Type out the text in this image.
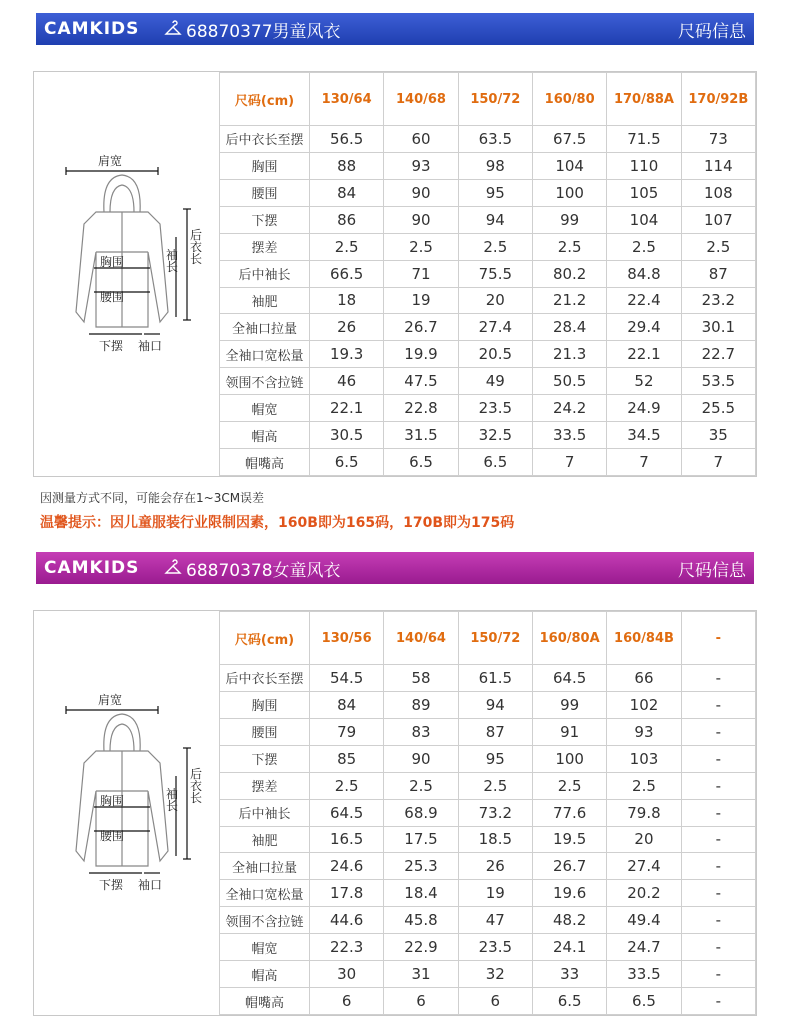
CAMKIDS	68870377男童风衣	尺码信息
肩宽
后衣长
袖长
胸围
腰围
下摆 袖口
尺码(cm)	130/64	140/68	150/72	160/80	170/88A	170/92B
后中衣长至摆	56.5	60	63.5	67.5	71.5	73
胸围	88	93	98	104	110	114
腰围	84	90	95	100	105	108
下摆	86	90	94	99	104	107
摆差	2.5	2.5	2.5	2.5	2.5	2.5
后中袖长	66.5	71	75.5	80.2	84.8	87
袖肥	18	19	20	21.2	22.4	23.2
全袖口拉量	26	26.7	27.4	28.4	29.4	30.1
全袖口宽松量	19.3	19.9	20.5	21.3	22.1	22.7
领围不含拉链	46	47.5	49	50.5	52	53.5
帽宽	22.1	22.8	23.5	24.2	24.9	25.5
帽高	30.5	31.5	32.5	33.5	34.5	35
帽嘴高	6.5	6.5	6.5	7	7	7
因测量方式不同，可能会存在1~3CM误差
温馨提示：因儿童服装行业限制因素，160B即为165码，170B即为175码
CAMKIDS	68870378女童风衣	尺码信息
肩宽
后衣长
袖长
胸围
腰围
下摆 袖口
尺码(cm)	130/56	140/64	150/72	160/80A	160/84B	-
后中衣长至摆	54.5	58	61.5	64.5	66	-
胸围	84	89	94	99	102	-
腰围	79	83	87	91	93	-
下摆	85	90	95	100	103	-
摆差	2.5	2.5	2.5	2.5	2.5	-
后中袖长	64.5	68.9	73.2	77.6	79.8	-
袖肥	16.5	17.5	18.5	19.5	20	-
全袖口拉量	24.6	25.3	26	26.7	27.4	-
全袖口宽松量	17.8	18.4	19	19.6	20.2	-
领围不含拉链	44.6	45.8	47	48.2	49.4	-
帽宽	22.3	22.9	23.5	24.1	24.7	-
帽高	30	31	32	33	33.5	-
帽嘴高	6	6	6	6.5	6.5	-
